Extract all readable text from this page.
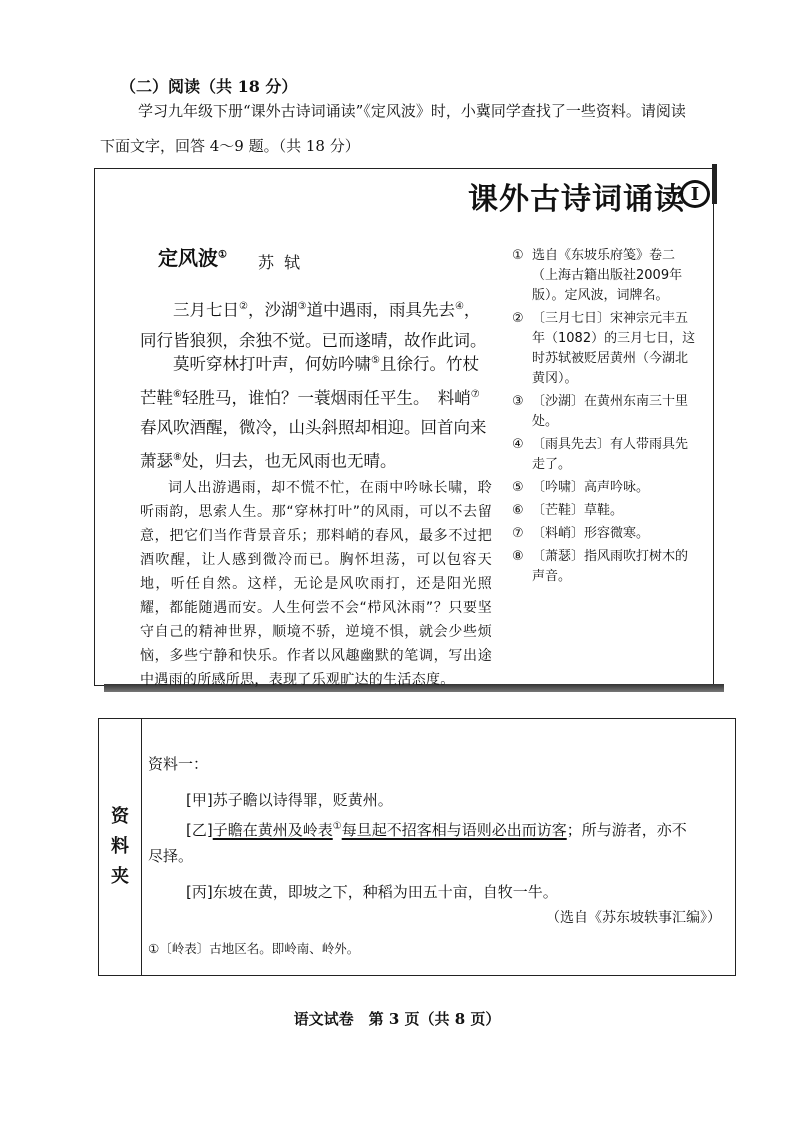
（二）阅读（共 18 分）
学习九年级下册“课外古诗词诵读”《定风波》时，小冀同学查找了一些资料。请阅读
下面文字，回答 4～9 题。（共 18 分）
课外古诗词诵读 Ⅰ
定风波① 苏轼

三月七日②，沙湖③道中遇雨，雨具先去④，同行皆狼狈，余独不觉。已而遂晴，故作此词。

莫听穿林打叶声，何妨吟啸⑤且徐行。竹杖芒鞋⑥轻胜马，谁怕？一蓑烟雨任平生。　料峭⑦春风吹酒醒，微冷，山头斜照却相迎。回首向来萧瑟⑧处，归去，也无风雨也无晴。

词人出游遇雨，却不慌不忙，在雨中吟咏长啸，聆听雨韵，思索人生。那“穿林打叶”的风雨，可以不去留意，把它们当作背景音乐；那料峭的春风，最多不过把酒吹醒，让人感到微冷而已。胸怀坦荡，可以包容天地，听任自然。这样，无论是风吹雨打，还是阳光照耀，都能随遇而安。人生何尝不会“栉风沐雨”？只要坚守自己的精神世界，顺境不骄，逆境不惧，就会少些烦恼，多些宁静和快乐。作者以风趣幽默的笔调，写出途中遇雨的所感所思，表现了乐观旷达的生活态度。

① 选自《东坡乐府笺》卷二（上海古籍出版社2009年版）。定风波，词牌名。
② 〔三月七日〕宋神宗元丰五年（1082）的三月七日，这时苏轼被贬居黄州（今湖北黄冈）。
③ 〔沙湖〕在黄州东南三十里处。
④ 〔雨具先去〕有人带雨具先走了。
⑤ 〔吟啸〕高声吟咏。
⑥ 〔芒鞋〕草鞋。
⑦ 〔料峭〕形容微寒。
⑧ 〔萧瑟〕指风雨吹打树木的声音。
资
料
夹
资料一：
[甲]苏子瞻以诗得罪，贬黄州。
[乙]子瞻在黄州及岭表①每旦起不招客相与语则必出而访客；所与游者，亦不
尽择。
[丙]东坡在黄，即坡之下，种稻为田五十亩，自牧一牛。
（选自《苏东坡轶事汇编》）
①〔岭表〕古地区名。即岭南、岭外。
语文试卷　第 3 页（共 8 页）
